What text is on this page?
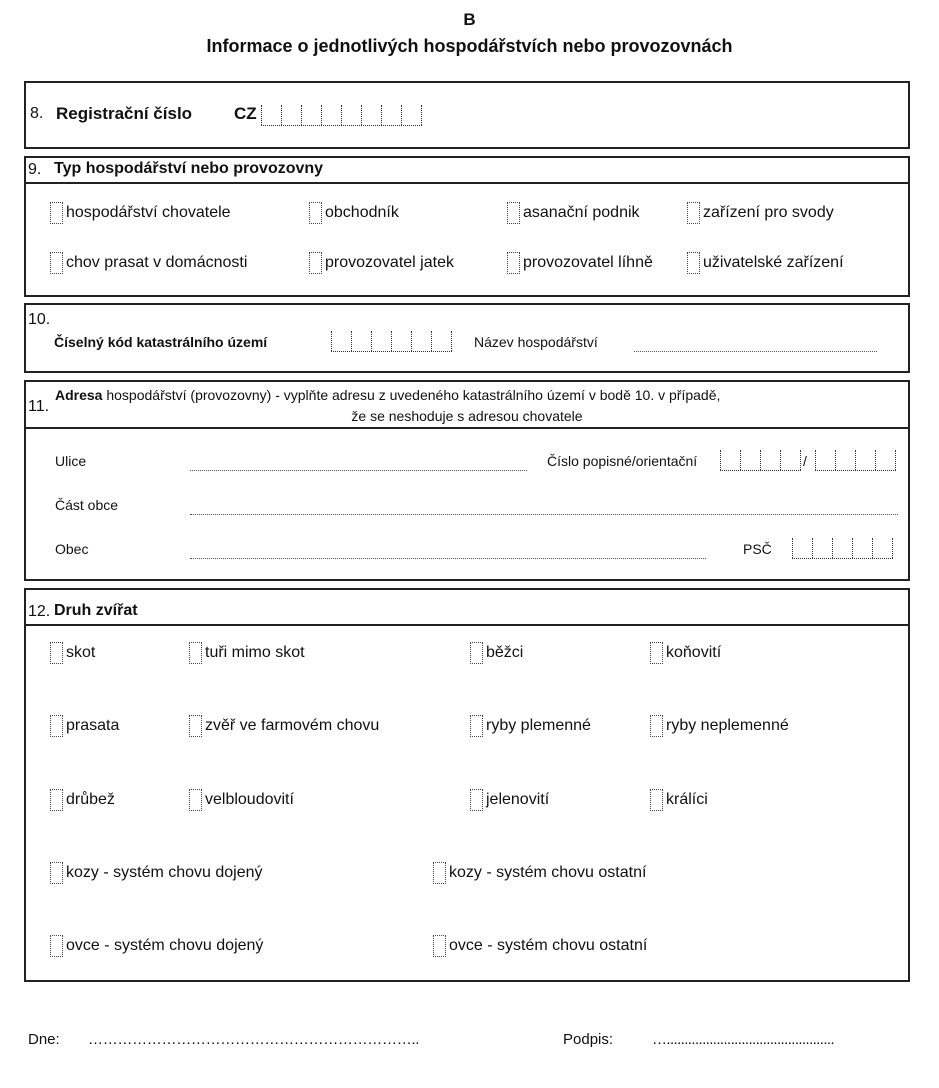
B
Informace o jednotlivých hospodářstvích nebo provozovnách
8. Registrační číslo CZ
9. Typ hospodářství nebo provozovny
hospodářství chovatele	obchodník	asanační podnik	zařízení pro svody
chov prasat v domácnosti	provozovatel jatek	provozovatel líhně	uživatelské zařízení
10.
Číselný kód katastrálního území	Název hospodářství
11.
Adresa hospodářství (provozovny) - vyplňte adresu z uvedeného katastrálního území v bodě 10. v případě,
že se neshoduje s adresou chovatele
Ulice	Číslo popisné/orientační	/
Část obce
Obec	PSČ
12. Druh zvířat
skot	tuři mimo skot	běžci	koňovití
prasata	zvěř ve farmovém chovu	ryby plemenné	ryby neplemenné
drůbež	velbloudovití	jelenovití	králíci
kozy - systém chovu dojený	kozy - systém chovu ostatní
ovce - systém chovu dojený	ovce - systém chovu ostatní
Dne: …………………………………………………………..	Podpis:	…...............................................
